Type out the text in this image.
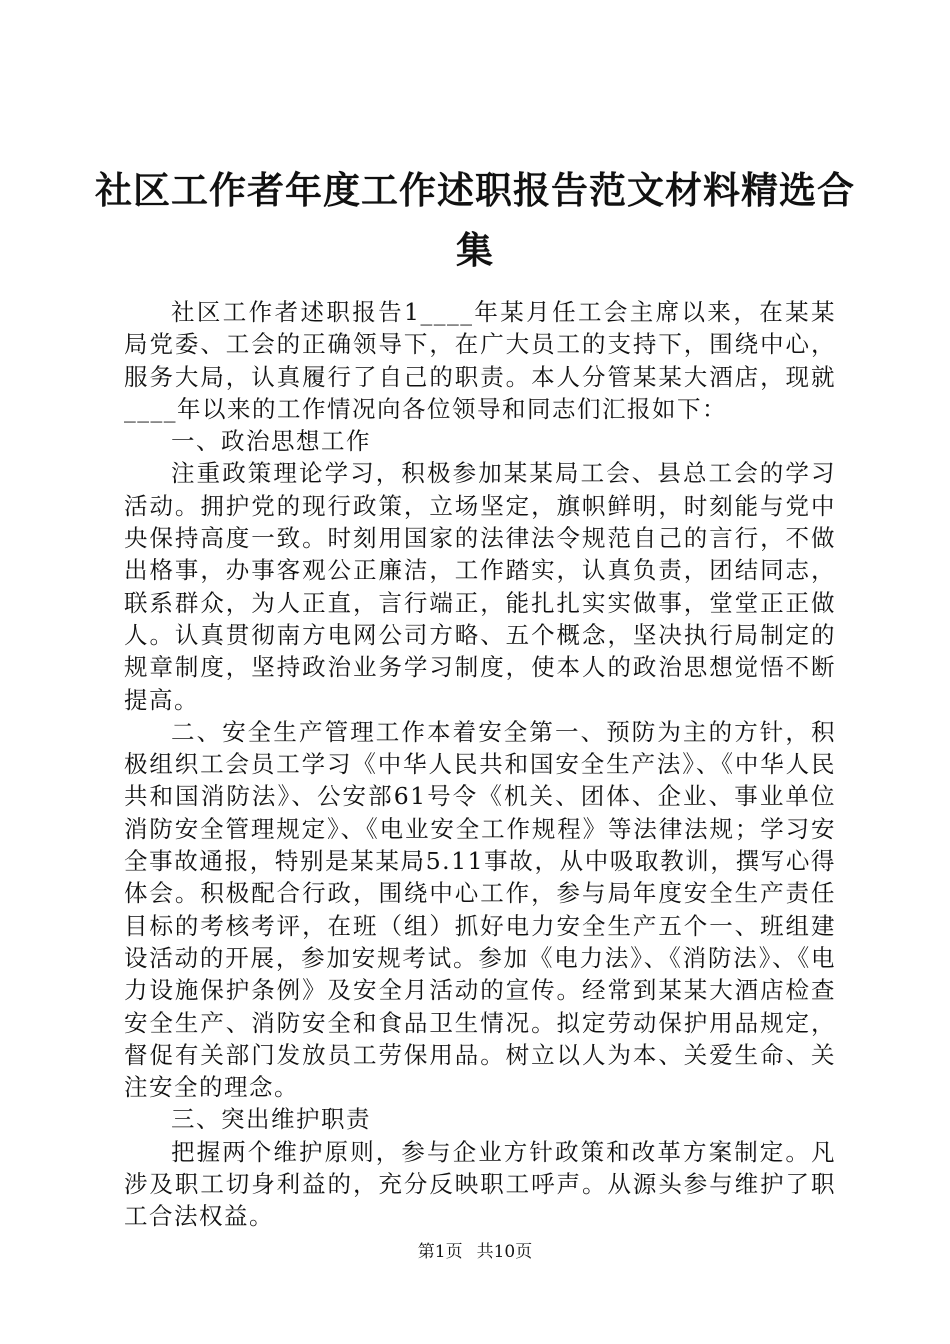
社区工作者年度工作述职报告范文材料精选合集

社区工作者述职报告1____年某月任工会主席以来，在某某局党委、工会的正确领导下，在广大员工的支持下，围绕中心，服务大局，认真履行了自己的职责。本人分管某某大酒店，现就____年以来的工作情况向各位领导和同志们汇报如下：

一、政治思想工作

注重政策理论学习，积极参加某某局工会、县总工会的学习活动。拥护党的现行政策，立场坚定，旗帜鲜明，时刻能与党中央保持高度一致。时刻用国家的法律法令规范自己的言行，不做出格事，办事客观公正廉洁，工作踏实，认真负责，团结同志，联系群众，为人正直，言行端正，能扎扎实实做事，堂堂正正做人。认真贯彻南方电网公司方略、五个概念，坚决执行局制定的规章制度，坚持政治业务学习制度，使本人的政治思想觉悟不断提高。

二、安全生产管理工作本着安全第一、预防为主的方针，积极组织工会员工学习《中华人民共和国安全生产法》、《中华人民共和国消防法》、公安部61号令《机关、团体、企业、事业单位消防安全管理规定》、《电业安全工作规程》等法律法规；学习安全事故通报，特别是某某局5.11事故，从中吸取教训，撰写心得体会。积极配合行政，围绕中心工作，参与局年度安全生产责任目标的考核考评，在班（组）抓好电力安全生产五个一、班组建设活动的开展，参加安规考试。参加《电力法》、《消防法》、《电力设施保护条例》及安全月活动的宣传。经常到某某大酒店检查安全生产、消防安全和食品卫生情况。拟定劳动保护用品规定，督促有关部门发放员工劳保用品。树立以人为本、关爱生命、关注安全的理念。

三、突出维护职责

把握两个维护原则，参与企业方针政策和改革方案制定。凡涉及职工切身利益的，充分反映职工呼声。从源头参与维护了职工合法权益。

第1页 共10页
